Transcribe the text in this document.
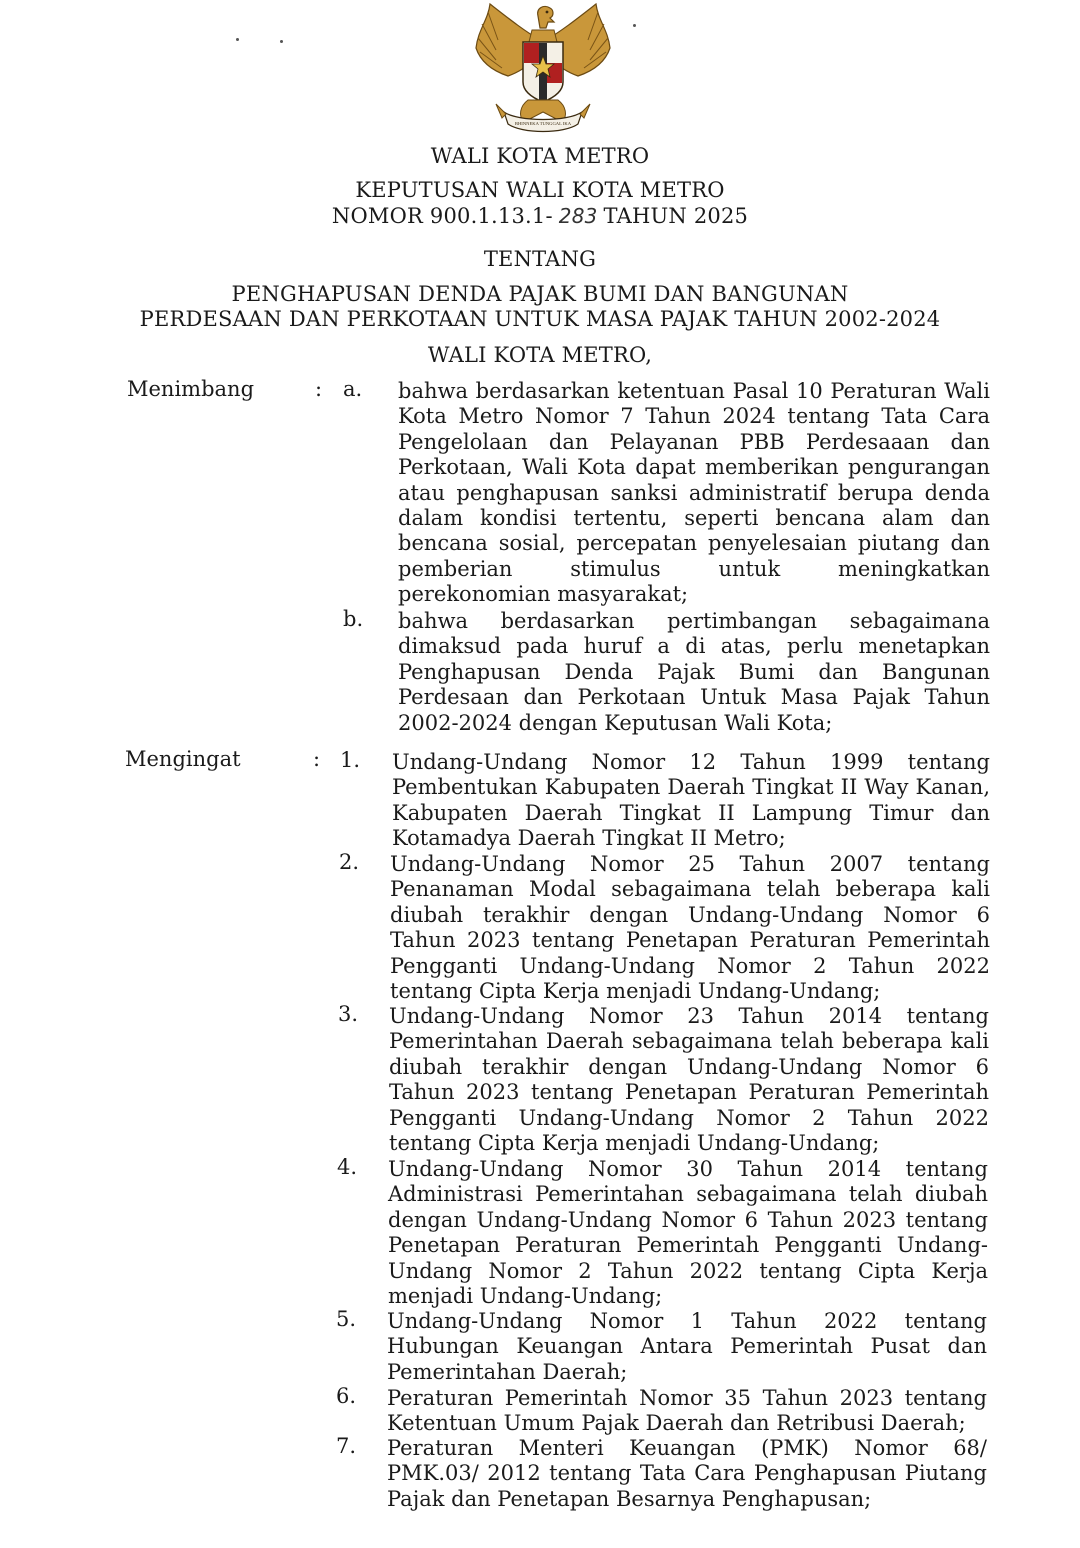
BHINNEKA TUNGGAL IKA
WALI KOTA METRO
KEPUTUSAN WALI KOTA METRO
NOMOR 900.1.13.1- 283 TAHUN 2025
TENTANG
PENGHAPUSAN DENDA PAJAK BUMI DAN BANGUNAN
PERDESAAN DAN PERKOTAAN UNTUK MASA PAJAK TAHUN 2002-2024
WALI KOTA METRO,
Menimbang	: a. bahwa berdasarkan ketentuan Pasal 10 Peraturan Wali Kota Metro Nomor 7 Tahun 2024 tentang Tata Cara Pengelolaan dan Pelayanan PBB Perdesaaan dan Perkotaan, Wali Kota dapat memberikan pengurangan atau penghapusan sanksi administratif berupa denda dalam kondisi tertentu, seperti bencana alam dan bencana sosial, percepatan penyelesaian piutang dan pemberian stimulus untuk meningkatkan perekonomian masyarakat;

b. bahwa berdasarkan pertimbangan sebagaimana dimaksud pada huruf a di atas, perlu menetapkan Penghapusan Denda Pajak Bumi dan Bangunan Perdesaan dan Perkotaan Untuk Masa Pajak Tahun 2002-2024 dengan Keputusan Wali Kota;

Mengingat	: 1. Undang-Undang Nomor 12 Tahun 1999 tentang Pembentukan Kabupaten Daerah Tingkat II Way Kanan, Kabupaten Daerah Tingkat II Lampung Timur dan Kotamadya Daerah Tingkat II Metro;

2. Undang-Undang Nomor 25 Tahun 2007 tentang Penanaman Modal sebagaimana telah beberapa kali diubah terakhir dengan Undang-Undang Nomor 6 Tahun 2023 tentang Penetapan Peraturan Pemerintah Pengganti Undang-Undang Nomor 2 Tahun 2022 tentang Cipta Kerja menjadi Undang-Undang;

3. Undang-Undang Nomor 23 Tahun 2014 tentang Pemerintahan Daerah sebagaimana telah beberapa kali diubah terakhir dengan Undang-Undang Nomor 6 Tahun 2023 tentang Penetapan Peraturan Pemerintah Pengganti Undang-Undang Nomor 2 Tahun 2022 tentang Cipta Kerja menjadi Undang-Undang;

4. Undang-Undang Nomor 30 Tahun 2014 tentang Administrasi Pemerintahan sebagaimana telah diubah dengan Undang-Undang Nomor 6 Tahun 2023 tentang Penetapan Peraturan Pemerintah Pengganti Undang-Undang Nomor 2 Tahun 2022 tentang Cipta Kerja menjadi Undang-Undang;

5. Undang-Undang Nomor 1 Tahun 2022 tentang Hubungan Keuangan Antara Pemerintah Pusat dan Pemerintahan Daerah;

6. Peraturan Pemerintah Nomor 35 Tahun 2023 tentang Ketentuan Umum Pajak Daerah dan Retribusi Daerah;

7. Peraturan Menteri Keuangan (PMK) Nomor 68/ PMK.03/ 2012 tentang Tata Cara Penghapusan Piutang Pajak dan Penetapan Besarnya Penghapusan;
